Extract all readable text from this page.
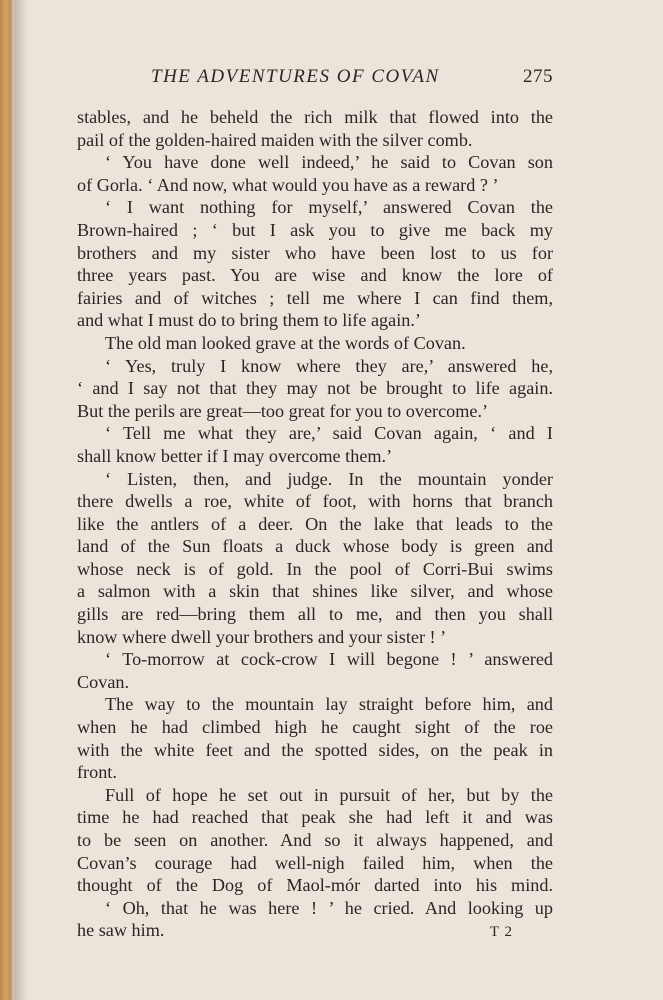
THE ADVENTURES OF COVAN	275
stables, and he beheld the rich milk that flowed into the
pail of the golden-haired maiden with the silver comb.
‘ You have done well indeed,’ he said to Covan son
of Gorla. ‘ And now, what would you have as a reward ? ’
‘ I want nothing for myself,’ answered Covan the
Brown-haired ; ‘ but I ask you to give me back my
brothers and my sister who have been lost to us for
three years past. You are wise and know the lore of
fairies and of witches ; tell me where I can find them,
and what I must do to bring them to life again.’
The old man looked grave at the words of Covan.
‘ Yes, truly I know where they are,’ answered he,
‘ and I say not that they may not be brought to life again.
But the perils are great—too great for you to overcome.’
‘ Tell me what they are,’ said Covan again, ‘ and I
shall know better if I may overcome them.’
‘ Listen, then, and judge. In the mountain yonder
there dwells a roe, white of foot, with horns that branch
like the antlers of a deer. On the lake that leads to the
land of the Sun floats a duck whose body is green and
whose neck is of gold. In the pool of Corri-Bui swims
a salmon with a skin that shines like silver, and whose
gills are red—bring them all to me, and then you shall
know where dwell your brothers and your sister ! ’
‘ To-morrow at cock-crow I will begone ! ’ answered
Covan.
The way to the mountain lay straight before him, and
when he had climbed high he caught sight of the roe
with the white feet and the spotted sides, on the peak in
front.
Full of hope he set out in pursuit of her, but by the
time he had reached that peak she had left it and was
to be seen on another. And so it always happened, and
Covan’s courage had well-nigh failed him, when the
thought of the Dog of Maol-mór darted into his mind.
‘ Oh, that he was here ! ’ he cried. And looking up
he saw him.	T 2
